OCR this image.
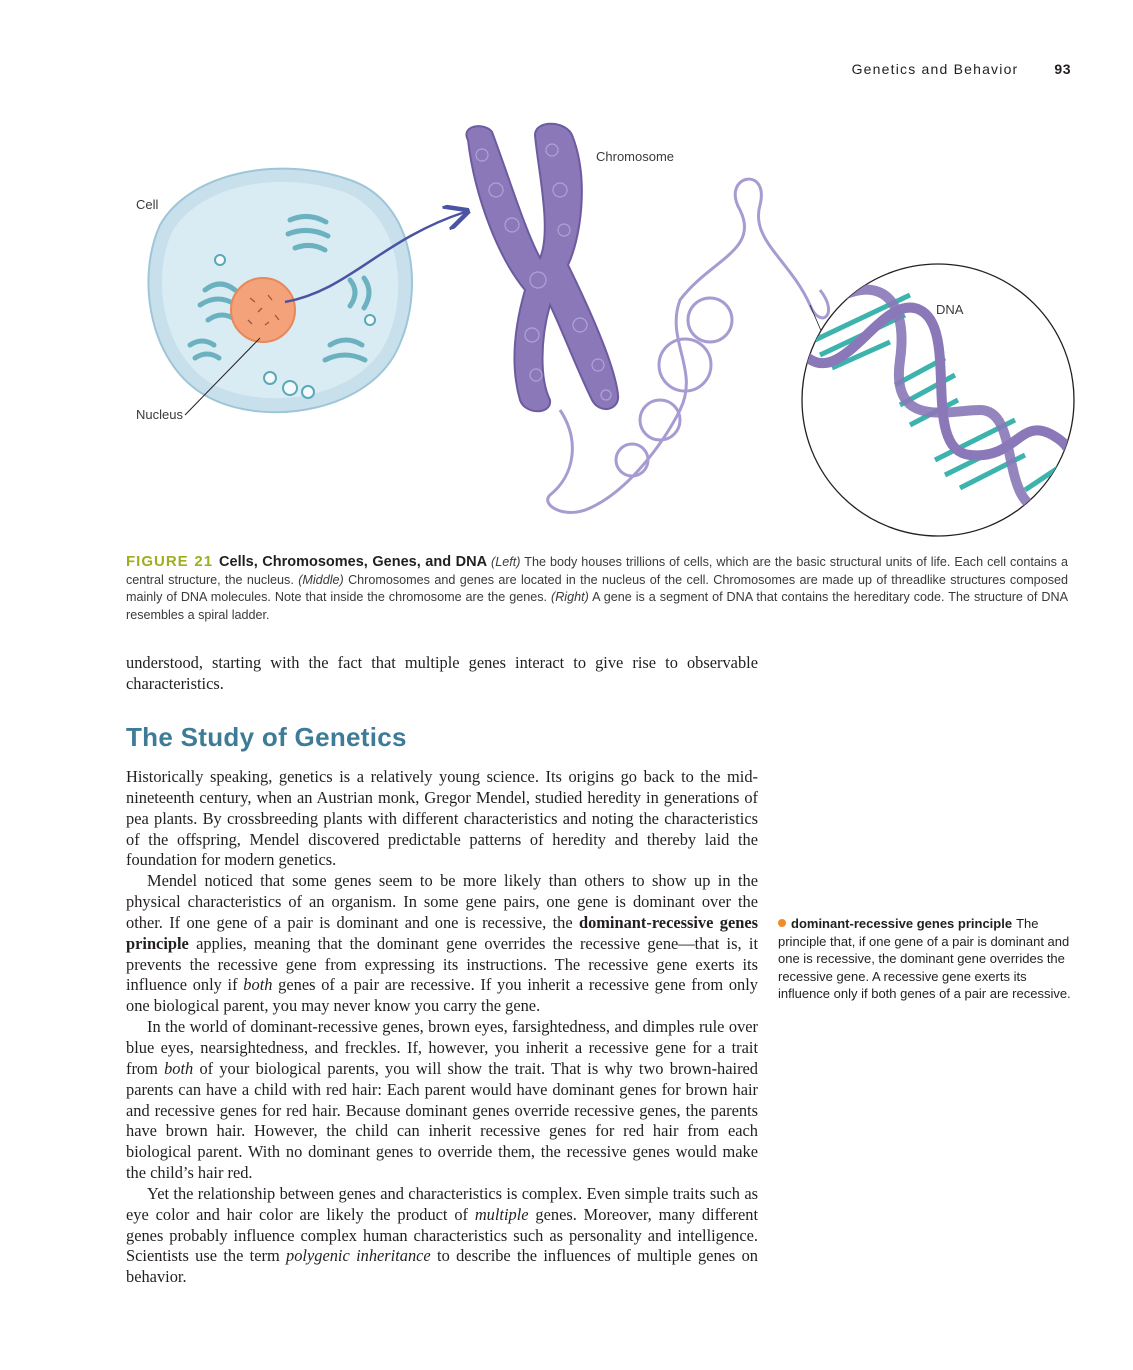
Genetics and Behavior	93
Cell
Nucleus
Chromosome
DNA
FIGURE 21 Cells, Chromosomes, Genes, and DNA (Left) The body houses trillions of cells, which are the basic structural units of life. Each cell contains a central structure, the nucleus. (Middle) Chromosomes and genes are located in the nucleus of the cell. Chromosomes are made up of threadlike structures composed mainly of DNA molecules. Note that inside the chromosome are the genes. (Right) A gene is a segment of DNA that contains the hereditary code. The structure of DNA resembles a spiral ladder.
understood, starting with the fact that multiple genes interact to give rise to observable characteristics.
The Study of Genetics

Historically speaking, genetics is a relatively young science. Its origins go back to the mid-nineteenth century, when an Austrian monk, Gregor Mendel, studied heredity in generations of pea plants. By crossbreeding plants with different characteristics and noting the characteristics of the offspring, Mendel discovered predictable patterns of heredity and thereby laid the foundation for modern genetics.

Mendel noticed that some genes seem to be more likely than others to show up in the physical characteristics of an organism. In some gene pairs, one gene is dominant over the other. If one gene of a pair is dominant and one is recessive, the dominant-recessive genes principle applies, meaning that the dominant gene overrides the recessive gene—that is, it prevents the recessive gene from expressing its instructions. The recessive gene exerts its influence only if both genes of a pair are recessive. If you inherit a recessive gene from only one biological parent, you may never know you carry the gene.

In the world of dominant-recessive genes, brown eyes, farsightedness, and dimples rule over blue eyes, nearsightedness, and freckles. If, however, you inherit a recessive gene for a trait from both of your biological parents, you will show the trait. That is why two brown-haired parents can have a child with red hair: Each parent would have dominant genes for brown hair and recessive genes for red hair. Because dominant genes override recessive genes, the parents have brown hair. However, the child can inherit recessive genes for red hair from each biological parent. With no dominant genes to override them, the recessive genes would make the child’s hair red.

Yet the relationship between genes and characteristics is complex. Even simple traits such as eye color and hair color are likely the product of multiple genes. Moreover, many different genes probably influence complex human characteristics such as personality and intelligence. Scientists use the term polygenic inheritance to describe the influences of multiple genes on behavior.

dominant-recessive genes principle The principle that, if one gene of a pair is dominant and one is recessive, the dominant gene overrides the recessive gene. A recessive gene exerts its influence only if both genes of a pair are recessive.
